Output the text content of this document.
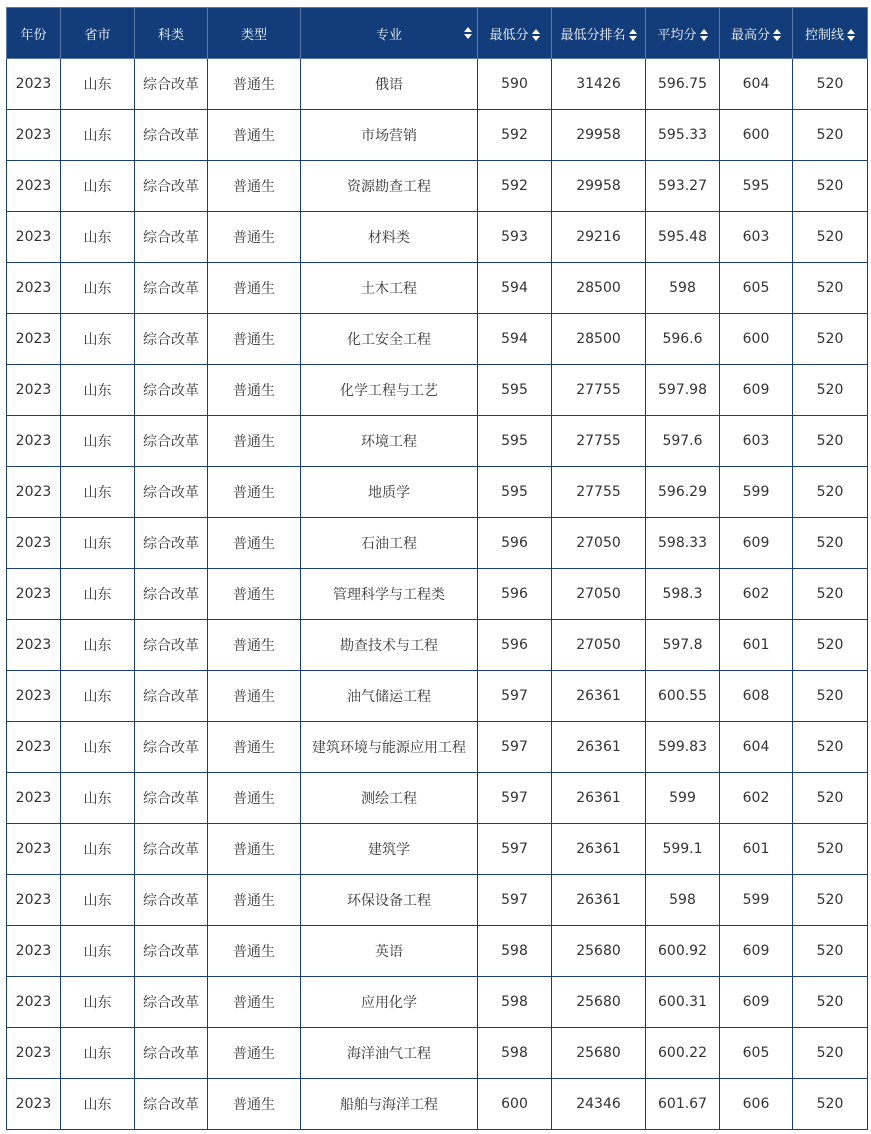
年份	省市	科类	类型	专业	最低分	最低分排名	平均分	最高分	控制线
2023	山东	综合改革	普通生	俄语	590	31426	596.75	604	520
2023	山东	综合改革	普通生	市场营销	592	29958	595.33	600	520
2023	山东	综合改革	普通生	资源勘查工程	592	29958	593.27	595	520
2023	山东	综合改革	普通生	材料类	593	29216	595.48	603	520
2023	山东	综合改革	普通生	土木工程	594	28500	598	605	520
2023	山东	综合改革	普通生	化工安全工程	594	28500	596.6	600	520
2023	山东	综合改革	普通生	化学工程与工艺	595	27755	597.98	609	520
2023	山东	综合改革	普通生	环境工程	595	27755	597.6	603	520
2023	山东	综合改革	普通生	地质学	595	27755	596.29	599	520
2023	山东	综合改革	普通生	石油工程	596	27050	598.33	609	520
2023	山东	综合改革	普通生	管理科学与工程类	596	27050	598.3	602	520
2023	山东	综合改革	普通生	勘查技术与工程	596	27050	597.8	601	520
2023	山东	综合改革	普通生	油气储运工程	597	26361	600.55	608	520
2023	山东	综合改革	普通生	建筑环境与能源应用工程	597	26361	599.83	604	520
2023	山东	综合改革	普通生	测绘工程	597	26361	599	602	520
2023	山东	综合改革	普通生	建筑学	597	26361	599.1	601	520
2023	山东	综合改革	普通生	环保设备工程	597	26361	598	599	520
2023	山东	综合改革	普通生	英语	598	25680	600.92	609	520
2023	山东	综合改革	普通生	应用化学	598	25680	600.31	609	520
2023	山东	综合改革	普通生	海洋油气工程	598	25680	600.22	605	520
2023	山东	综合改革	普通生	船舶与海洋工程	600	24346	601.67	606	520
